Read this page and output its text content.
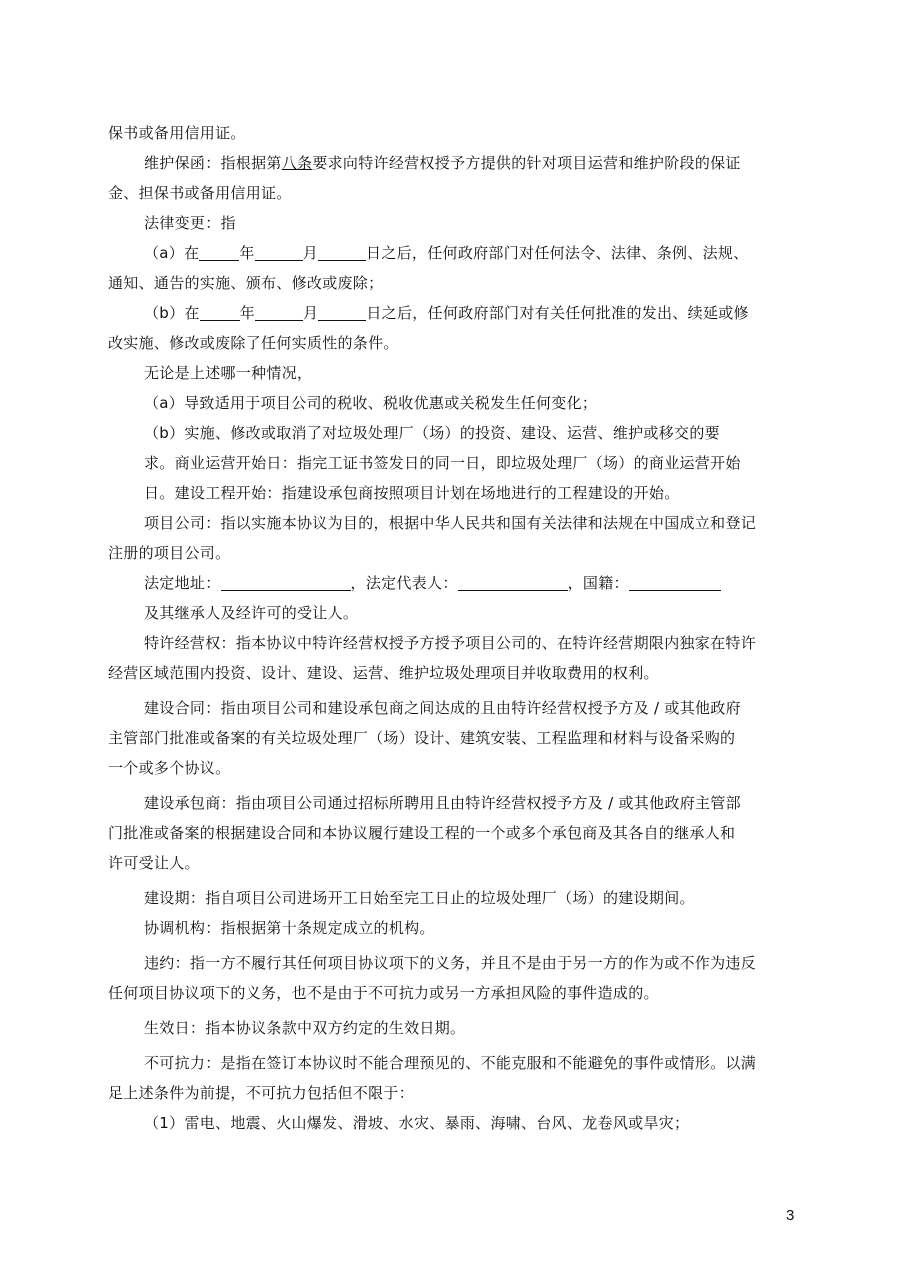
保书或备用信用证。
维护保函：指根据第八条要求向特许经营权授予方提供的针对项目运营和维护阶段的保证
金、担保书或备用信用证。
法律变更：指
（a）在	年	月	日之后，任何政府部门对任何法令、法律、条例、法规、
通知、通告的实施、颁布、修改或废除；
（b）在	年	月	日之后，任何政府部门对有关任何批准的发出、续延或修
改实施、修改或废除了任何实质性的条件。
无论是上述哪一种情况，
（a）导致适用于项目公司的税收、税收优惠或关税发生任何变化；
（b）实施、修改或取消了对垃圾处理厂（场）的投资、建设、运营、维护或移交的要
求。商业运营开始日：指完工证书签发日的同一日，即垃圾处理厂（场）的商业运营开始
日。建设工程开始：指建设承包商按照项目计划在场地进行的工程建设的开始。
项目公司：指以实施本协议为目的，根据中华人民共和国有关法律和法规在中国成立和登记
注册的项目公司。
法定地址：	，法定代表人：	，国籍：
及其继承人及经许可的受让人。
特许经营权：指本协议中特许经营权授予方授予项目公司的、在特许经营期限内独家在特许
经营区域范围内投资、设计、建设、运营、维护垃圾处理项目并收取费用的权利。
建设合同：指由项目公司和建设承包商之间达成的且由特许经营权授予方及 / 或其他政府
主管部门批准或备案的有关垃圾处理厂（场）设计、建筑安装、工程监理和材料与设备采购的
一个或多个协议。
建设承包商：指由项目公司通过招标所聘用且由特许经营权授予方及 / 或其他政府主管部
门批准或备案的根据建设合同和本协议履行建设工程的一个或多个承包商及其各自的继承人和
许可受让人。
建设期：指自项目公司进场开工日始至完工日止的垃圾处理厂（场）的建设期间。
协调机构：指根据第十条规定成立的机构。
违约：指一方不履行其任何项目协议项下的义务，并且不是由于另一方的作为或不作为违反
任何项目协议项下的义务，也不是由于不可抗力或另一方承担风险的事件造成的。
生效日：指本协议条款中双方约定的生效日期。
不可抗力：是指在签订本协议时不能合理预见的、不能克服和不能避免的事件或情形。以满
足上述条件为前提，不可抗力包括但不限于：
（1）雷电、地震、火山爆发、滑坡、水灾、暴雨、海啸、台风、龙卷风或旱灾；
3
